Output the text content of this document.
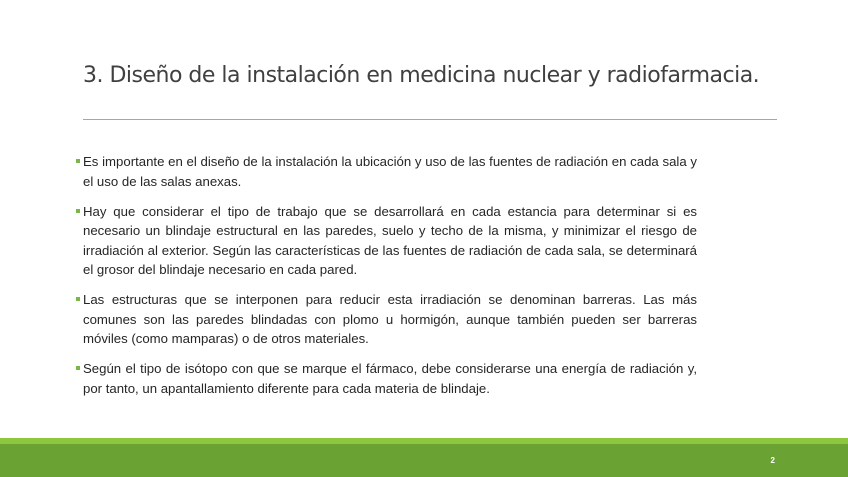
3. Diseño de la instalación en medicina nuclear y radiofarmacia.
Es importante en el diseño de la instalación la ubicación y uso de las fuentes de radiación en cada sala y el uso de las salas anexas.
Hay que considerar el tipo de trabajo que se desarrollará en cada estancia para determinar si es necesario un blindaje estructural en las paredes, suelo y techo de la misma, y minimizar el riesgo de irradiación al exterior. Según las características de las fuentes de radiación de cada sala, se determinará el grosor del blindaje necesario en cada pared.
Las estructuras que se interponen para reducir esta irradiación se denominan barreras. Las más comunes son las paredes blindadas con plomo u hormigón, aunque también pueden ser barreras móviles (como mamparas) o de otros materiales.
Según el tipo de isótopo con que se marque el fármaco, debe considerarse una energía de radiación y, por tanto, un apantallamiento diferente para cada materia de blindaje.
2
